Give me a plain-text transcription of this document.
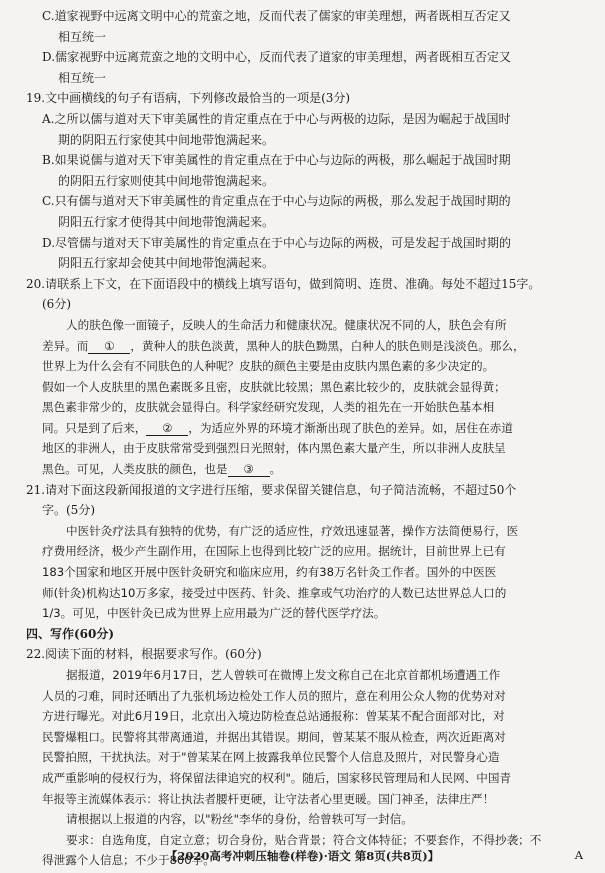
C.道家视野中远离文明中心的荒蛮之地，反而代表了儒家的审美理想，两者既相互否定又
相互统一
D.儒家视野中远离荒蛮之地的文明中心，反而代表了道家的审美理想，两者既相互否定又
相互统一
19.文中画横线的句子有语病，下列修改最恰当的一项是(3分)
A.之所以儒与道对天下审美属性的肯定重点在于中心与两极的边际，是因为崛起于战国时
期的阴阳五行家使其中间地带饱满起来。
B.如果说儒与道对天下审美属性的肯定重点在于中心与边际的两极，那么崛起于战国时期
的阴阳五行家则使其中间地带饱满起来。
C.只有儒与道对天下审美属性的肯定重点在于中心与边际的两极，那么发起于战国时期的
阴阳五行家才使得其中间地带饱满起来。
D.尽管儒与道对天下审美属性的肯定重点在于中心与边际的两极，可是发起于战国时期的
阴阳五行家却会使其中间地带饱满起来。
20.请联系上下文，在下面语段中的横线上填写语句，做到简明、连贯、准确。每处不超过15字。
(6分)
人的肤色像一面镜子，反映人的生命活力和健康状况。健康状况不同的人，肤色会有所
差异。而 ① ，黄种人的肤色淡黄，黑种人的肤色黝黑，白种人的肤色则是浅淡色。那么，
世界上为什么会有不同肤色的人种呢？皮肤的颜色主要是由皮肤内黑色素的多少决定的。
假如一个人皮肤里的黑色素既多且密，皮肤就比较黑；黑色素比较少的，皮肤就会显得黄；
黑色素非常少的，皮肤就会显得白。科学家经研究发现，人类的祖先在一开始肤色基本相
同。只是到了后来， ② ，为适应外界的环境才渐渐出现了肤色的差异。如，居住在赤道
地区的非洲人，由于皮肤常常受到强烈日光照射，体内黑色素大量产生，所以非洲人皮肤呈
黑色。可见，人类皮肤的颜色，也是 ③ 。
21.请对下面这段新闻报道的文字进行压缩，要求保留关键信息，句子简洁流畅，不超过50个
字。(5分)
中医针灸疗法具有独特的优势，有广泛的适应性，疗效迅速显著，操作方法简便易行，医
疗费用经济，极少产生副作用，在国际上也得到比较广泛的应用。据统计，目前世界上已有
183个国家和地区开展中医针灸研究和临床应用，约有38万名针灸工作者。国外的中医医
师(针灸)机构达10万多家，接受过中医药、针灸、推拿或气功治疗的人数已达世界总人口的
1/3。可见，中医针灸已成为世界上应用最为广泛的替代医学疗法。
四、写作(60分)
22.阅读下面的材料，根据要求写作。(60分)
据报道，2019年6月17日，艺人曾轶可在微博上发文称自己在北京首都机场遭遇工作
人员的刁难，同时还晒出了九张机场边检处工作人员的照片，意在利用公众人物的优势对对
方进行曝光。对此6月19日，北京出入境边防检查总站通报称：曾某某不配合面部对比，对
民警爆粗口。民警将其带离通道，并据出其错误。期间，曾某某不服从检查，两次近距离对
民警拍照，干扰执法。对于"曾某某在网上披露我单位民警个人信息及照片，对民警身心造
成严重影响的侵权行为，将保留法律追究的权利"。随后，国家移民管理局和人民网、中国青
年报等主流媒体表示：将让执法者腰杆更硬，让守法者心里更暖。国门神圣，法律庄严！
请根据以上报道的内容，以"粉丝"李华的身份，给曾轶可写一封信。
要求：自选角度，自定立意；切合身份，贴合背景；符合文体特征；不要套作，不得抄袭；不
得泄露个人信息；不少于800字。
【2020高考冲刺压轴卷(样卷)·语文 第8页(共8页)】	A
